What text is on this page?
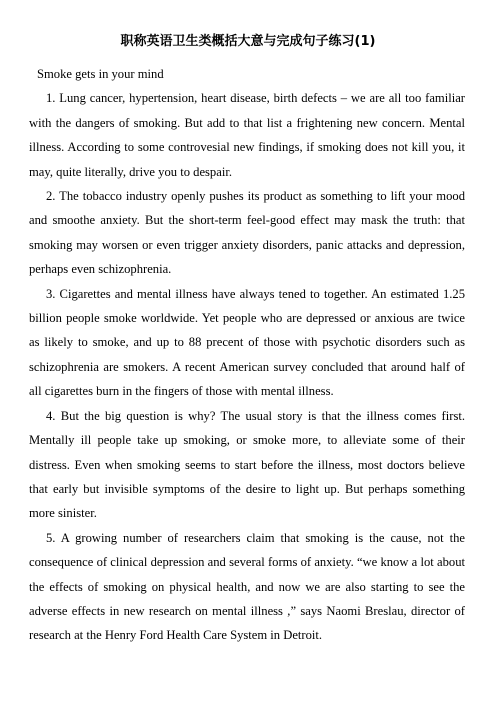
职称英语卫生类概括大意与完成句子练习(1)

Smoke gets in your mind

1. Lung cancer, hypertension, heart disease, birth defects – we are all too familiar with the dangers of smoking. But add to that list a frightening new concern. Mental illness. According to some controvesial new findings, if smoking does not kill you, it may, quite literally, drive you to despair.

2. The tobacco industry openly pushes its product as something to lift your mood and smoothe anxiety. But the short-term feel-good effect may mask the truth: that smoking may worsen or even trigger anxiety disorders, panic attacks and depression, perhaps even schizophrenia.

3. Cigarettes and mental illness have always tened to together. An estimated 1.25 billion people smoke worldwide. Yet people who are depressed or anxious are twice as likely to smoke, and up to 88 precent of those with psychotic disorders such as schizophrenia are smokers. A recent American survey concluded that around half of all cigarettes burn in the fingers of those with mental illness.

4. But the big question is why? The usual story is that the illness comes first. Mentally ill people take up smoking, or smoke more, to alleviate some of their distress. Even when smoking seems to start before the illness, most doctors believe that early but invisible symptoms of the desire to light up. But perhaps something more sinister.

5. A growing number of researchers claim that smoking is the cause, not the consequence of clinical depression and several forms of anxiety. “we know a lot about the effects of smoking on physical health, and now we are also starting to see the adverse effects in new research on mental illness ,” says Naomi Breslau, director of research at the Henry Ford Health Care System in Detroit.
